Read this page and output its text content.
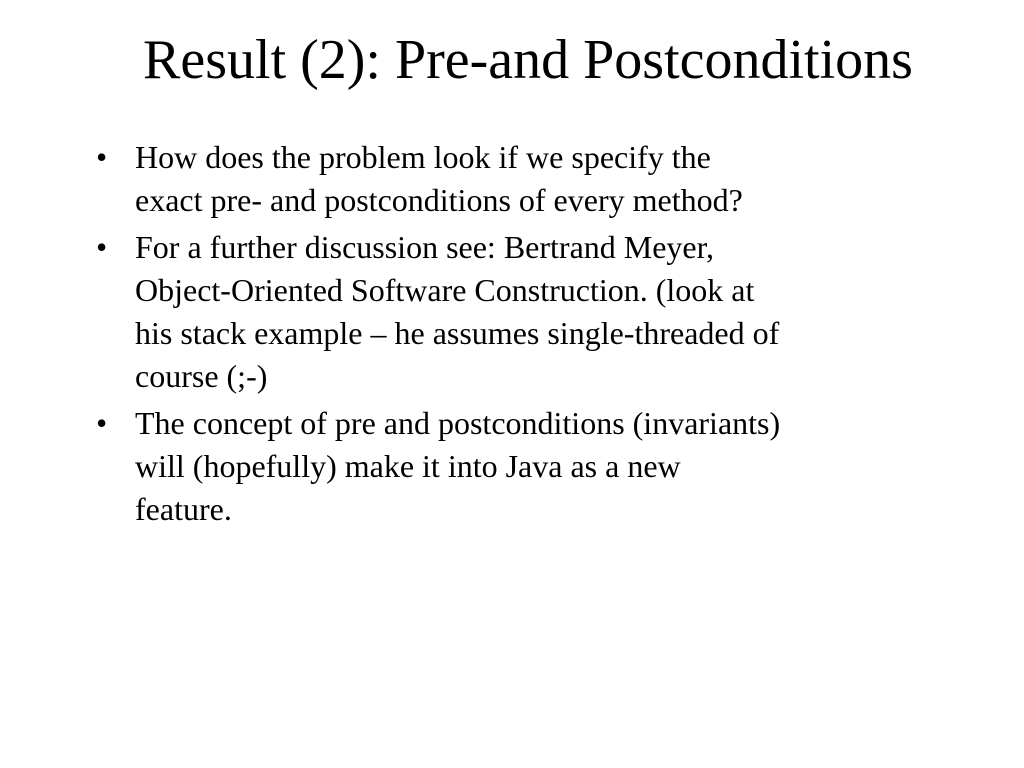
Result (2): Pre-and Postconditions
• How does the problem look if we specify the
exact pre- and postconditions of every method?
• For a further discussion see: Bertrand Meyer,
Object-Oriented Software Construction. (look at
his stack example – he assumes single-threaded of
course (;-)
• The concept of pre and postconditions (invariants)
will (hopefully) make it into Java as a new
feature.
